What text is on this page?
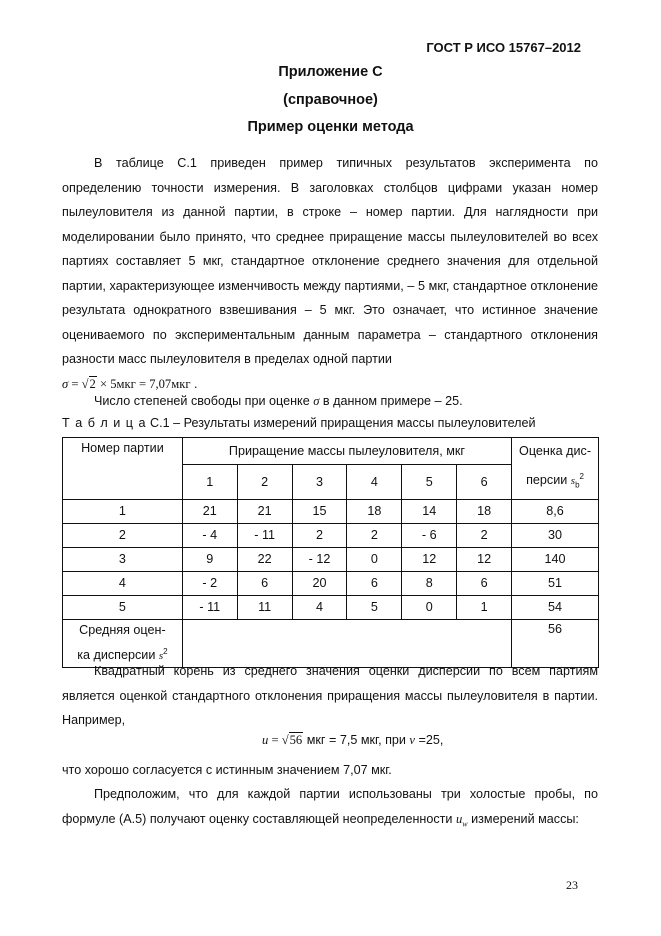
ГОСТ Р ИСО 15767–2012
Приложение С
(справочное)
Пример оценки метода

В таблице С.1 приведен пример типичных результатов эксперимента по определению точности измерения. В заголовках столбцов цифрами указан номер пылеуловителя из данной партии, в строке – номер партии. Для наглядности при моделировании было принято, что среднее приращение массы пылеуловителей во всех партиях составляет 5 мкг, стандартное отклонение среднего значения для отдельной партии, характеризующее изменчивость между партиями, – 5 мкг, стандартное отклонение результата однократного взвешивания – 5 мкг. Это означает, что истинное значение оцениваемого по экспериментальным данным параметра – стандартного отклонения разности масс пылеуловителя в пределах одной партии

σ = √2 × 5мкг = 7,07мкг .

Число степеней свободы при оценке σ в данном примере – 25.

Т а б л и ц а С.1 – Результаты измерений приращения массы пылеуловителей
Номер партии	Приращение массы пылеуловителя, мкг						Оценка дис-
персии $s_b^2$

	1	2	3	4	5	6	
1	21	21	15	18	14	18	8,6
2	- 4	- 11	2	2	- 6	2	30
3	9	22	- 12	0	12	12	140
4	- 2	6	20	6	8	6	51
5	- 11	11	4	5	0	1	54

Средняя оцен-
ка дисперсии $s^2$							56

Квадратный корень из среднего значения оценки дисперсии по всем партиям является оценкой стандартного отклонения приращения массы пылеуловителя в партии. Например,

u = √56 мкг = 7,5 мкг, при ν =25,

что хорошо согласуется с истинным значением 7,07 мкг.

Предположим, что для каждой партии использованы три холостые пробы, по формуле (А.5) получают оценку составляющей неопределенности $u_w$ измерений массы:

23
